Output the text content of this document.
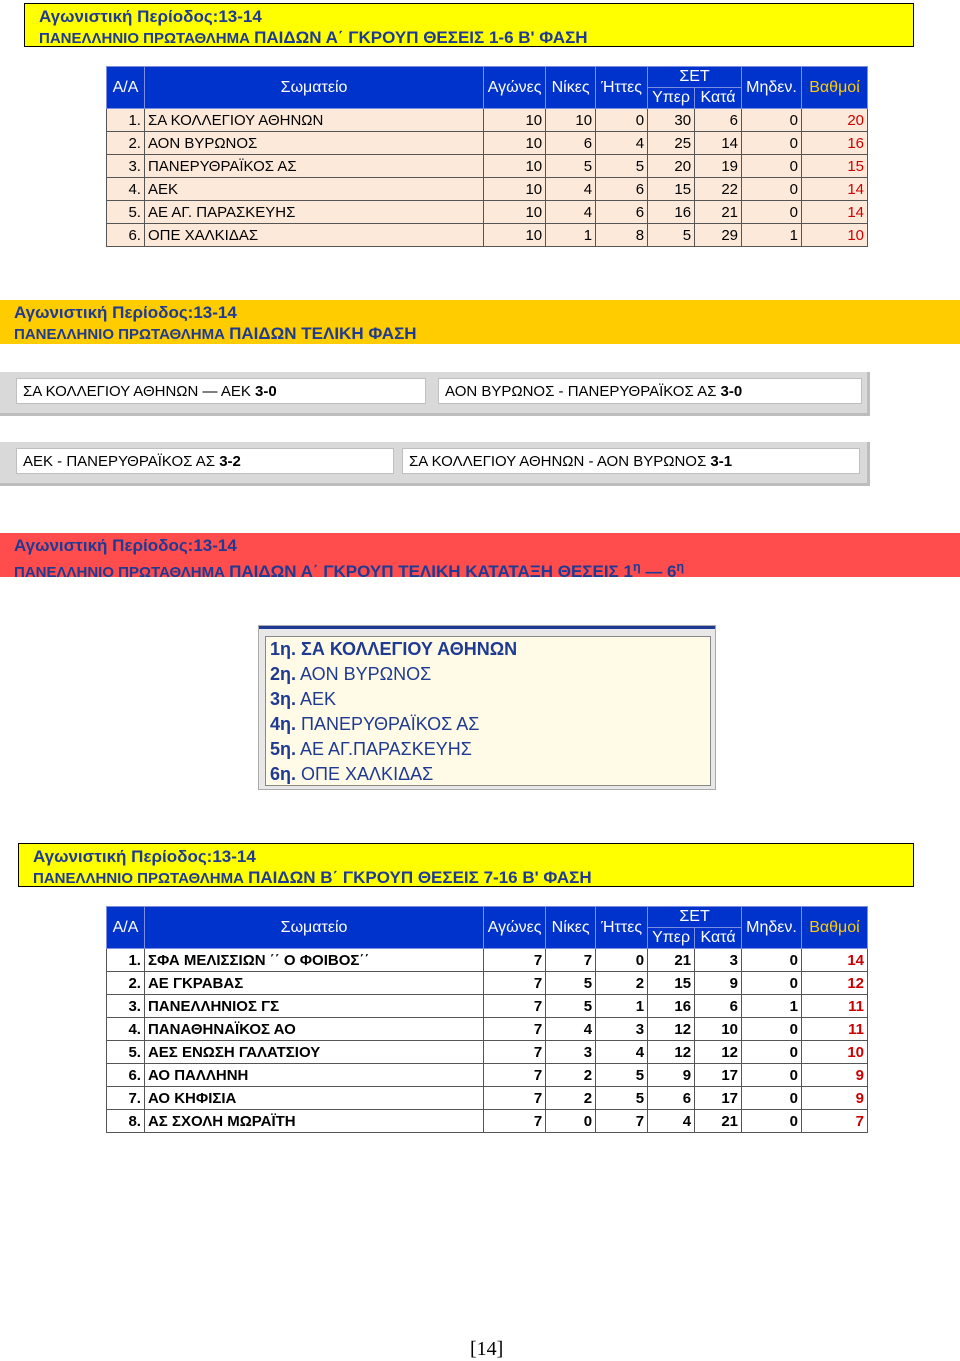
Αγωνιστική Περίοδος:13-14
ΠΑΝΕΛΛΗΝΙΟ ΠΡΩΤΑΘΛΗΜΑ ΠΑΙΔΩΝ Α΄ ΓΚΡΟΥΠ ΘΕΣΕΙΣ 1-6 Β' ΦΑΣΗ
Α/Α	Σωματείο	Αγώνες	Νίκες	Ήττες	ΣΕΤ		Μηδεν.	Βαθμοί
					Υπερ	Κατά		
1.	ΣΑ ΚΟΛΛΕΓΙΟΥ ΑΘΗΝΩΝ	10	10	0	30	6	0	20
2.	ΑΟΝ ΒΥΡΩΝΟΣ	10	6	4	25	14	0	16
3.	ΠΑΝΕΡΥΘΡΑΪΚΟΣ ΑΣ	10	5	5	20	19	0	15
4.	ΑΕΚ	10	4	6	15	22	0	14
5.	ΑΕ ΑΓ. ΠΑΡΑΣΚΕΥΗΣ	10	4	6	16	21	0	14
6.	ΟΠΕ ΧΑΛΚΙΔΑΣ	10	1	8	5	29	1	10
Αγωνιστική Περίοδος:13-14
ΠΑΝΕΛΛΗΝΙΟ ΠΡΩΤΑΘΛΗΜΑ ΠΑΙΔΩΝ ΤΕΛΙΚΗ ΦΑΣΗ
ΣΑ ΚΟΛΛΕΓΙΟΥ ΑΘΗΝΩΝ ― ΑΕΚ 3-0	ΑΟΝ ΒΥΡΩΝΟΣ - ΠΑΝΕΡΥΘΡΑΪΚΟΣ ΑΣ 3-0
ΑΕΚ - ΠΑΝΕΡΥΘΡΑΪΚΟΣ ΑΣ 3-2	ΣΑ ΚΟΛΛΕΓΙΟΥ ΑΘΗΝΩΝ - ΑΟΝ ΒΥΡΩΝΟΣ 3-1
Αγωνιστική Περίοδος:13-14
ΠΑΝΕΛΛΗΝΙΟ ΠΡΩΤΑΘΛΗΜΑ ΠΑΙΔΩΝ Α΄ ΓΚΡΟΥΠ ΤΕΛΙΚΗ ΚΑΤΑΤΑΞΗ ΘΕΣΕΙΣ $1^\eta$ ― $6^\eta$
1η. ΣΑ ΚΟΛΛΕΓΙΟΥ ΑΘΗΝΩΝ
2η. ΑΟΝ ΒΥΡΩΝΟΣ
3η. ΑΕΚ
4η. ΠΑΝΕΡΥΘΡΑΪΚΟΣ ΑΣ
5η. ΑΕ ΑΓ.ΠΑΡΑΣΚΕΥΗΣ
6η. ΟΠΕ ΧΑΛΚΙΔΑΣ
Αγωνιστική Περίοδος:13-14
ΠΑΝΕΛΛΗΝΙΟ ΠΡΩΤΑΘΛΗΜΑ ΠΑΙΔΩΝ Β΄ ΓΚΡΟΥΠ ΘΕΣΕΙΣ 7-16 Β' ΦΑΣΗ
Α/Α	Σωματείο	Αγώνες	Νίκες	Ήττες	ΣΕΤ		Μηδεν.	Βαθμοί
					Υπερ	Κατά		
1.	ΣΦΑ ΜΕΛΙΣΣΙΩΝ ΄΄ Ο ΦΟΙΒΟΣ΄΄	7	7	0	21	3	0	14
2.	ΑΕ ΓΚΡΑΒΑΣ	7	5	2	15	9	0	12
3.	ΠΑΝΕΛΛΗΝΙΟΣ ΓΣ	7	5	1	16	6	1	11
4.	ΠΑΝΑΘΗΝΑΪΚΟΣ ΑΟ	7	4	3	12	10	0	11
5.	ΑΕΣ ΕΝΩΣΗ ΓΑΛΑΤΣΙΟΥ	7	3	4	12	12	0	10
6.	ΑΟ ΠΑΛΛΗΝΗ	7	2	5	9	17	0	9
7.	ΑΟ ΚΗΦΙΣΙΑ	7	2	5	6	17	0	9
8.	ΑΣ ΣΧΟΛΗ ΜΩΡΑΪΤΗ	7	0	7	4	21	0	7
[14]
